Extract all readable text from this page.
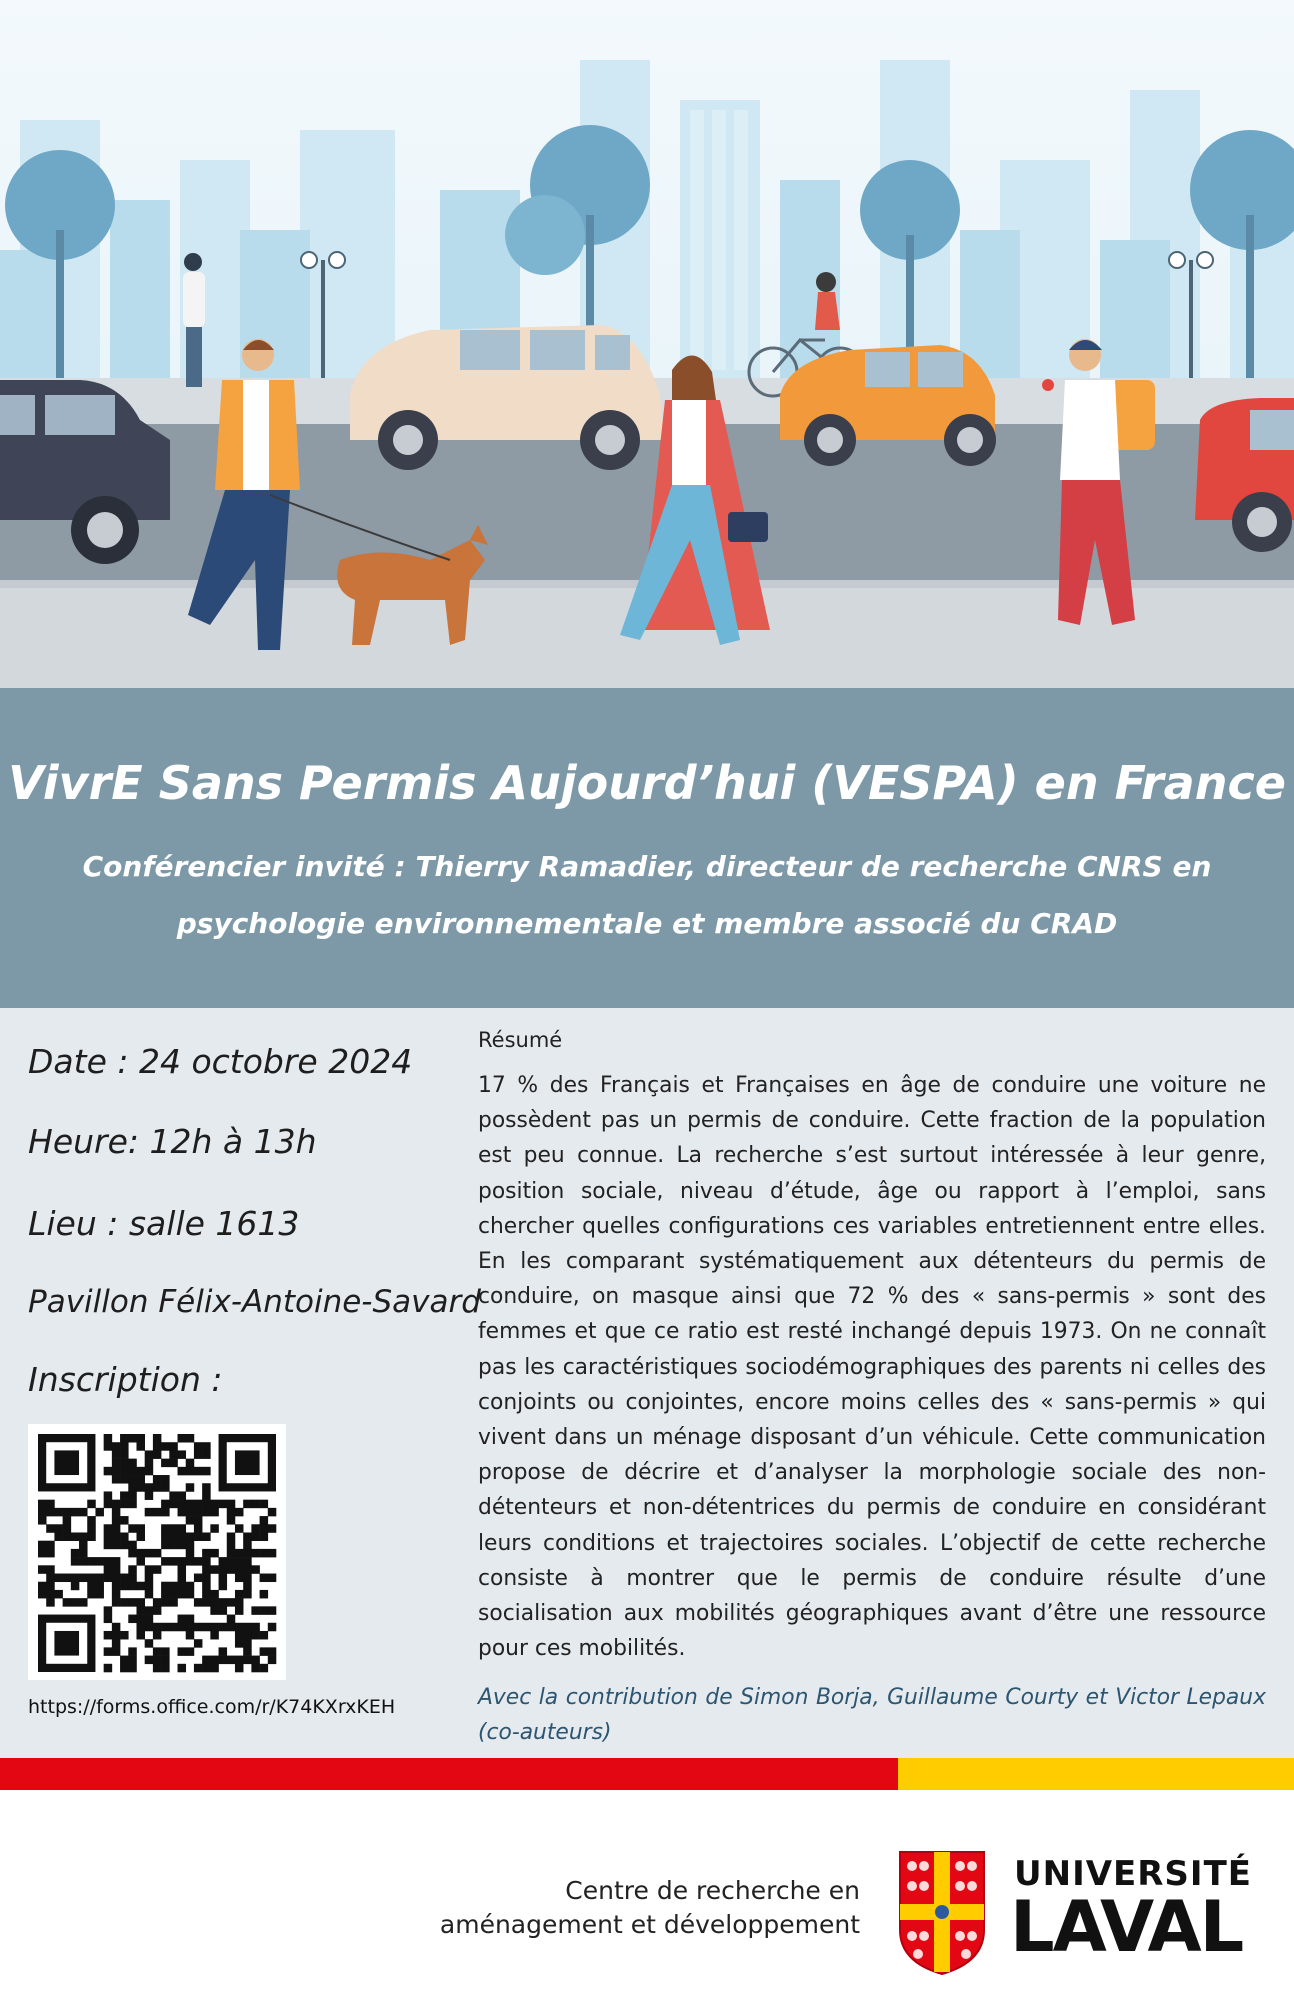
VivrE Sans Permis Aujourd’hui (VESPA) en France
Conférencier invité : Thierry Ramadier, directeur de recherche CNRS en psychologie environnementale et membre associé du CRAD
Date : 24 octobre 2024
Heure: 12h à 13h
Lieu : salle 1613
Pavillon Félix-Antoine-Savard
Inscription :
https://forms.office.com/r/K74KXrxKEH
Résumé

17 % des Français et Françaises en âge de conduire une voiture ne possèdent pas un permis de conduire. Cette fraction de la population est peu connue. La recherche s’est surtout intéressée à leur genre, position sociale, niveau d’étude, âge ou rapport à l’emploi, sans chercher quelles configurations ces variables entretiennent entre elles. En les comparant systématiquement aux détenteurs du permis de conduire, on masque ainsi que 72 % des « sans-permis » sont des femmes et que ce ratio est resté inchangé depuis 1973. On ne connaît pas les caractéristiques sociodémographiques des parents ni celles des conjoints ou conjointes, encore moins celles des « sans-permis » qui vivent dans un ménage disposant d’un véhicule. Cette communication propose de décrire et d’analyser la morphologie sociale des non-détenteurs et non-détentrices du permis de conduire en considérant leurs conditions et trajectoires sociales. L’objectif de cette recherche consiste à montrer que le permis de conduire résulte d’une socialisation aux mobilités géographiques avant d’être une ressource pour ces mobilités.

Avec la contribution de Simon Borja, Guillaume Courty et Victor Lepaux (co-auteurs)
Centre de recherche en
aménagement et développement
UNIVERSITÉ
LAVAL
